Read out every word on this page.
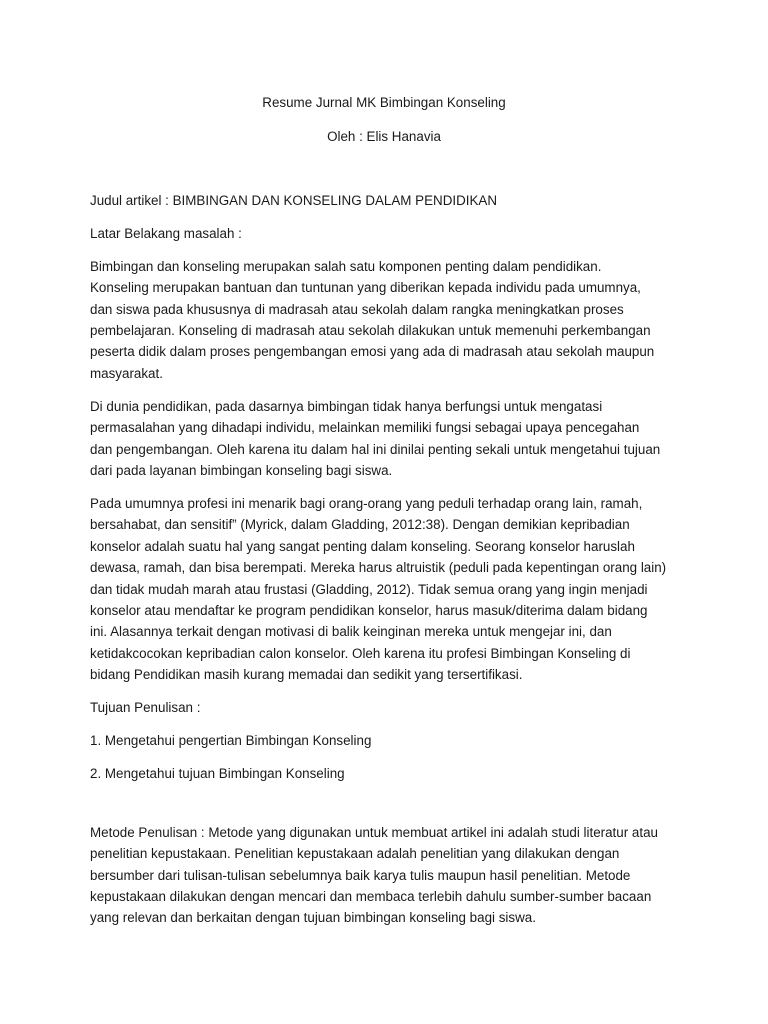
Resume Jurnal MK Bimbingan Konseling
Oleh : Elis Hanavia

Judul artikel : BIMBINGAN DAN KONSELING DALAM PENDIDIKAN

Latar Belakang masalah :

Bimbingan dan konseling merupakan salah satu komponen penting dalam pendidikan.
Konseling merupakan bantuan dan tuntunan yang diberikan kepada individu pada umumnya,
dan siswa pada khususnya di madrasah atau sekolah dalam rangka meningkatkan proses
pembelajaran. Konseling di madrasah atau sekolah dilakukan untuk memenuhi perkembangan
peserta didik dalam proses pengembangan emosi yang ada di madrasah atau sekolah maupun
masyarakat.

Di dunia pendidikan, pada dasarnya bimbingan tidak hanya berfungsi untuk mengatasi
permasalahan yang dihadapi individu, melainkan memiliki fungsi sebagai upaya pencegahan
dan pengembangan. Oleh karena itu dalam hal ini dinilai penting sekali untuk mengetahui tujuan
dari pada layanan bimbingan konseling bagi siswa.

Pada umumnya profesi ini menarik bagi orang-orang yang peduli terhadap orang lain, ramah,
bersahabat, dan sensitif” (Myrick, dalam Gladding, 2012:38). Dengan demikian kepribadian
konselor adalah suatu hal yang sangat penting dalam konseling. Seorang konselor haruslah
dewasa, ramah, dan bisa berempati. Mereka harus altruistik (peduli pada kepentingan orang lain)
dan tidak mudah marah atau frustasi (Gladding, 2012). Tidak semua orang yang ingin menjadi
konselor atau mendaftar ke program pendidikan konselor, harus masuk/diterima dalam bidang
ini. Alasannya terkait dengan motivasi di balik keinginan mereka untuk mengejar ini, dan
ketidakcocokan kepribadian calon konselor. Oleh karena itu profesi Bimbingan Konseling di
bidang Pendidikan masih kurang memadai dan sedikit yang tersertifikasi.

Tujuan Penulisan :

1. Mengetahui pengertian Bimbingan Konseling

2. Mengetahui tujuan Bimbingan Konseling

Metode Penulisan : Metode yang digunakan untuk membuat artikel ini adalah studi literatur atau
penelitian kepustakaan. Penelitian kepustakaan adalah penelitian yang dilakukan dengan
bersumber dari tulisan-tulisan sebelumnya baik karya tulis maupun hasil penelitian. Metode
kepustakaan dilakukan dengan mencari dan membaca terlebih dahulu sumber-sumber bacaan
yang relevan dan berkaitan dengan tujuan bimbingan konseling bagi siswa.
